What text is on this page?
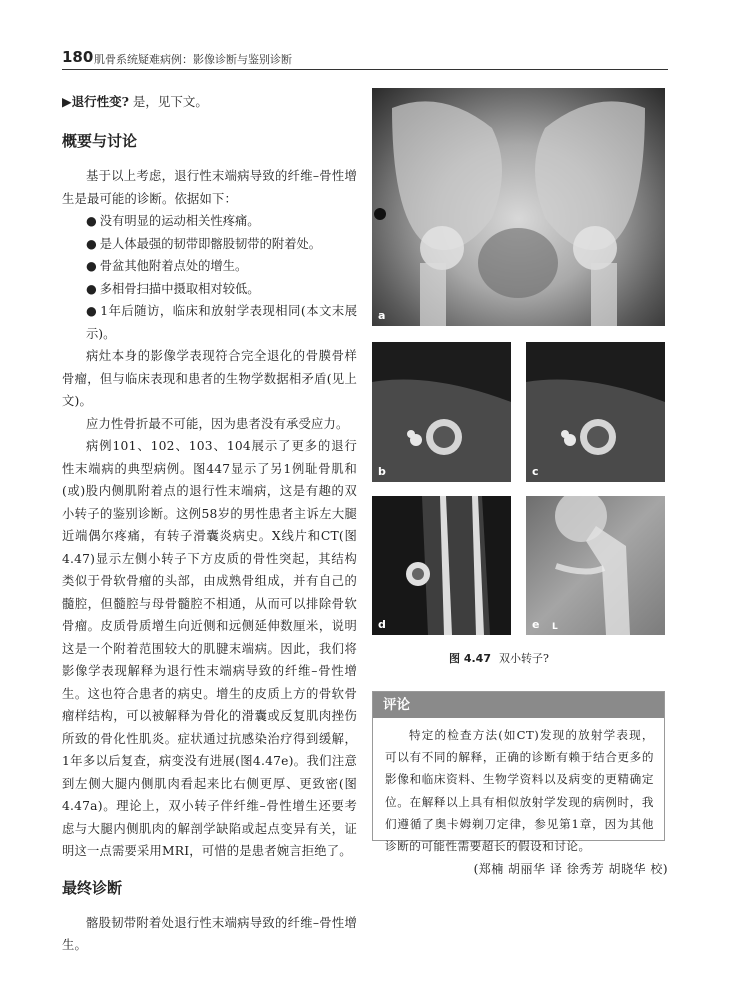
180 肌骨系统疑难病例：影像诊断与鉴别诊断
▶退行性变? 是，见下文。
概要与讨论

基于以上考虑，退行性末端病导致的纤维–骨性增生是最可能的诊断。依据如下：

● 没有明显的运动相关性疼痛。
● 是人体最强的韧带即髂股韧带的附着处。
● 骨盆其他附着点处的增生。
● 多相骨扫描中摄取相对较低。
● 1年后随访，临床和放射学表现相同(本文末展示)。

病灶本身的影像学表现符合完全退化的骨膜骨样骨瘤，但与临床表现和患者的生物学数据相矛盾(见上文)。

应力性骨折最不可能，因为患者没有承受应力。

病例101、102、103、104展示了更多的退行性末端病的典型病例。图447显示了另1例耻骨肌和(或)股内侧肌附着点的退行性末端病，这是有趣的双小转子的鉴别诊断。这例58岁的男性患者主诉左大腿近端偶尔疼痛，有转子滑囊炎病史。X线片和CT(图4.47)显示左侧小转子下方皮质的骨性突起，其结构类似于骨软骨瘤的头部，由成熟骨组成，并有自己的髓腔，但髓腔与母骨髓腔不相通，从而可以排除骨软骨瘤。皮质骨质增生向近侧和远侧延伸数厘米，说明这是一个附着范围较大的肌腱末端病。因此，我们将影像学表现解释为退行性末端病导致的纤维–骨性增生。这也符合患者的病史。增生的皮质上方的骨软骨瘤样结构，可以被解释为骨化的滑囊或反复肌肉挫伤所致的骨化性肌炎。症状通过抗感染治疗得到缓解，1年多以后复查，病变没有进展(图4.47e)。我们注意到左侧大腿内侧肌肉看起来比右侧更厚、更致密(图4.47a)。理论上，双小转子伴纤维–骨性增生还要考虑与大腿内侧肌肉的解剖学缺陷或起点变异有关，证明这一点需要采用MRI，可惜的是患者婉言拒绝了。

最终诊断

髂股韧带附着处退行性末端病导致的纤维–骨性增生。

a
b	c
d	e L
图 4.47 双小转子?
评论

特定的检查方法(如CT)发现的放射学表现，可以有不同的解释，正确的诊断有赖于结合更多的影像和临床资料、生物学资料以及病变的更精确定位。在解释以上具有相似放射学发现的病例时，我们遵循了奥卡姆剃刀定律，参见第1章，因为其他诊断的可能性需要超长的假设和讨论。

(郑楠 胡丽华 译 徐秀芳 胡晓华 校)
